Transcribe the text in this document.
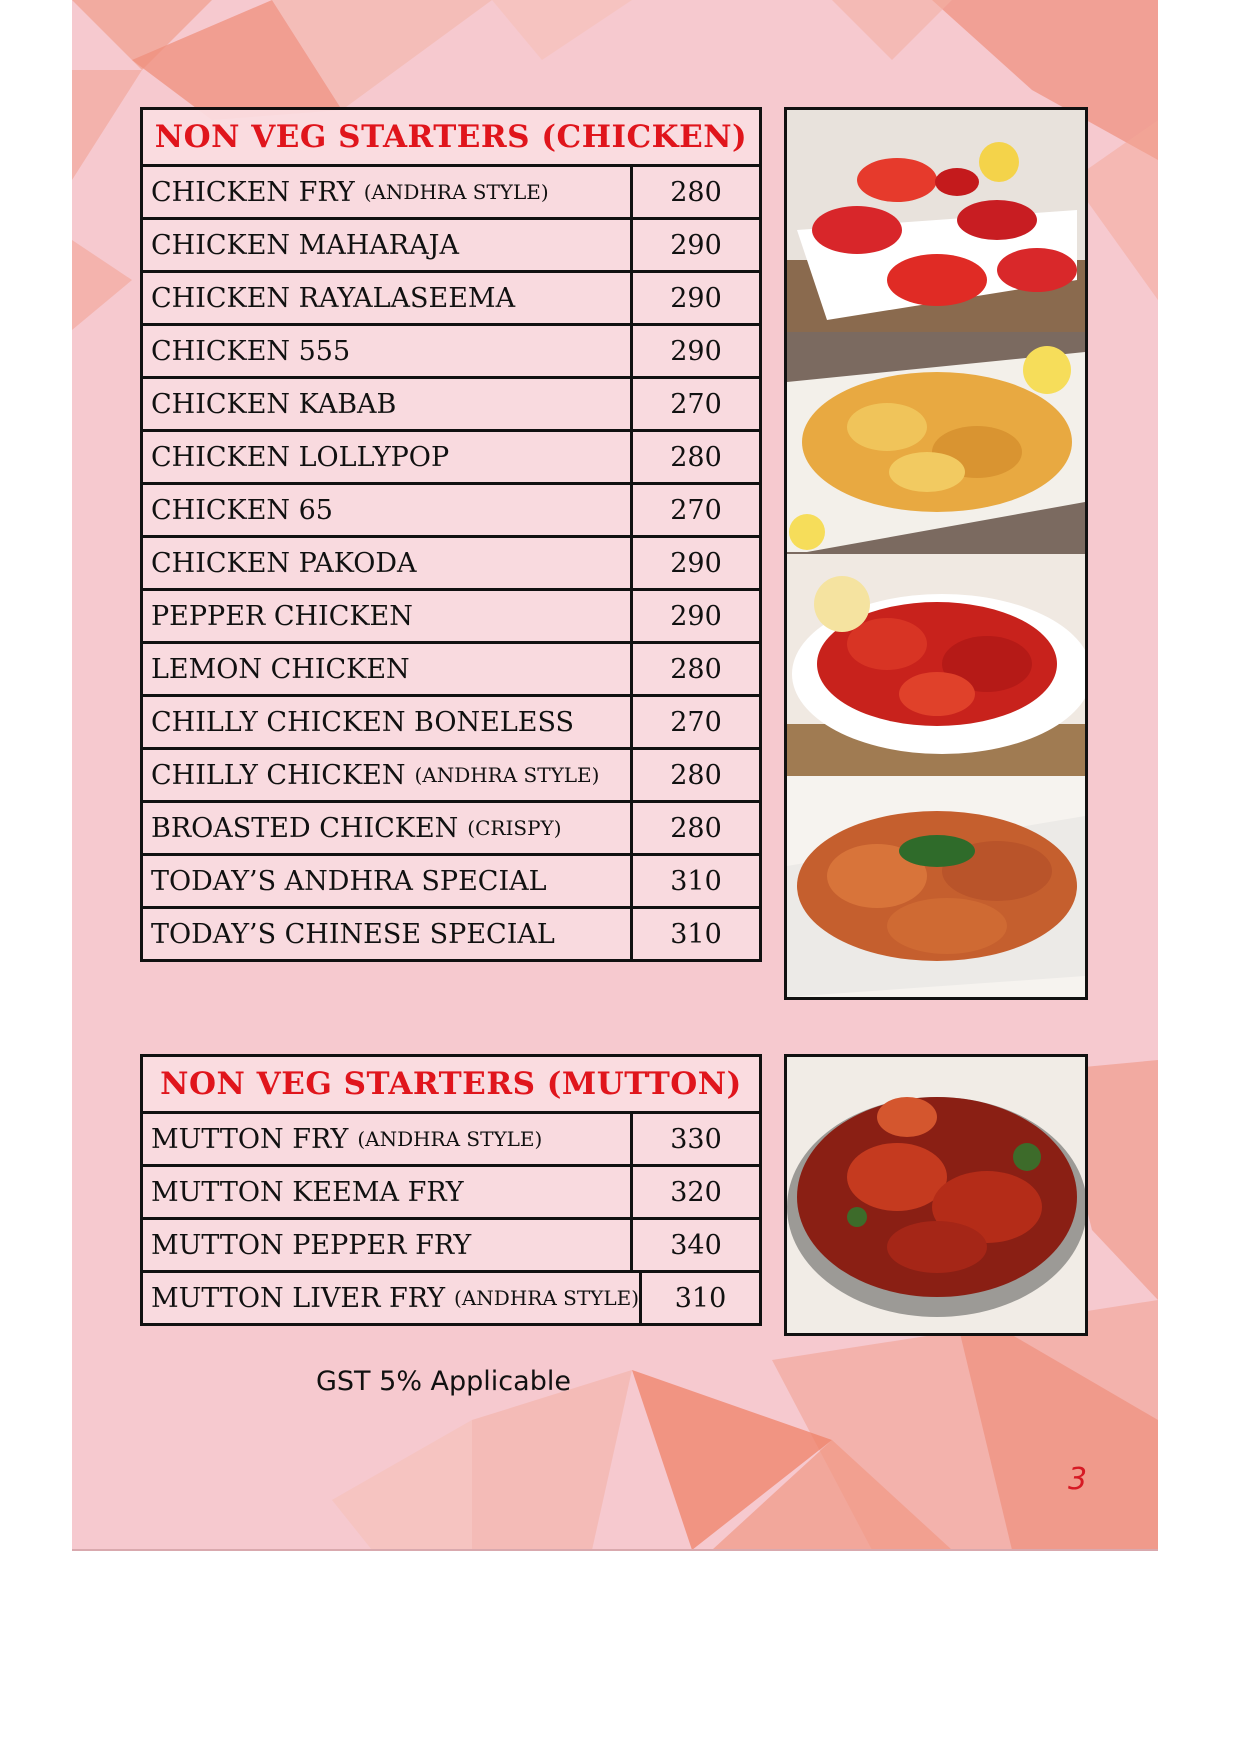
NON VEG STARTERS (CHICKEN)
CHICKEN FRY (ANDHRA STYLE)	280
CHICKEN MAHARAJA	290
CHICKEN RAYALASEEMA	290
CHICKEN 555	290
CHICKEN KABAB	270
CHICKEN LOLLYPOP	280
CHICKEN 65	270
CHICKEN PAKODA	290
PEPPER CHICKEN	290
LEMON CHICKEN	280
CHILLY CHICKEN BONELESS	270
CHILLY CHICKEN (ANDHRA STYLE)	280
BROASTED CHICKEN (CRISPY)	280
TODAY’S ANDHRA SPECIAL	310
TODAY’S CHINESE SPECIAL	310
NON VEG STARTERS (MUTTON)
MUTTON FRY (ANDHRA STYLE)	330
MUTTON KEEMA FRY	320
MUTTON PEPPER FRY	340
MUTTON LIVER FRY (ANDHRA STYLE)	310
GST 5% Applicable
3
